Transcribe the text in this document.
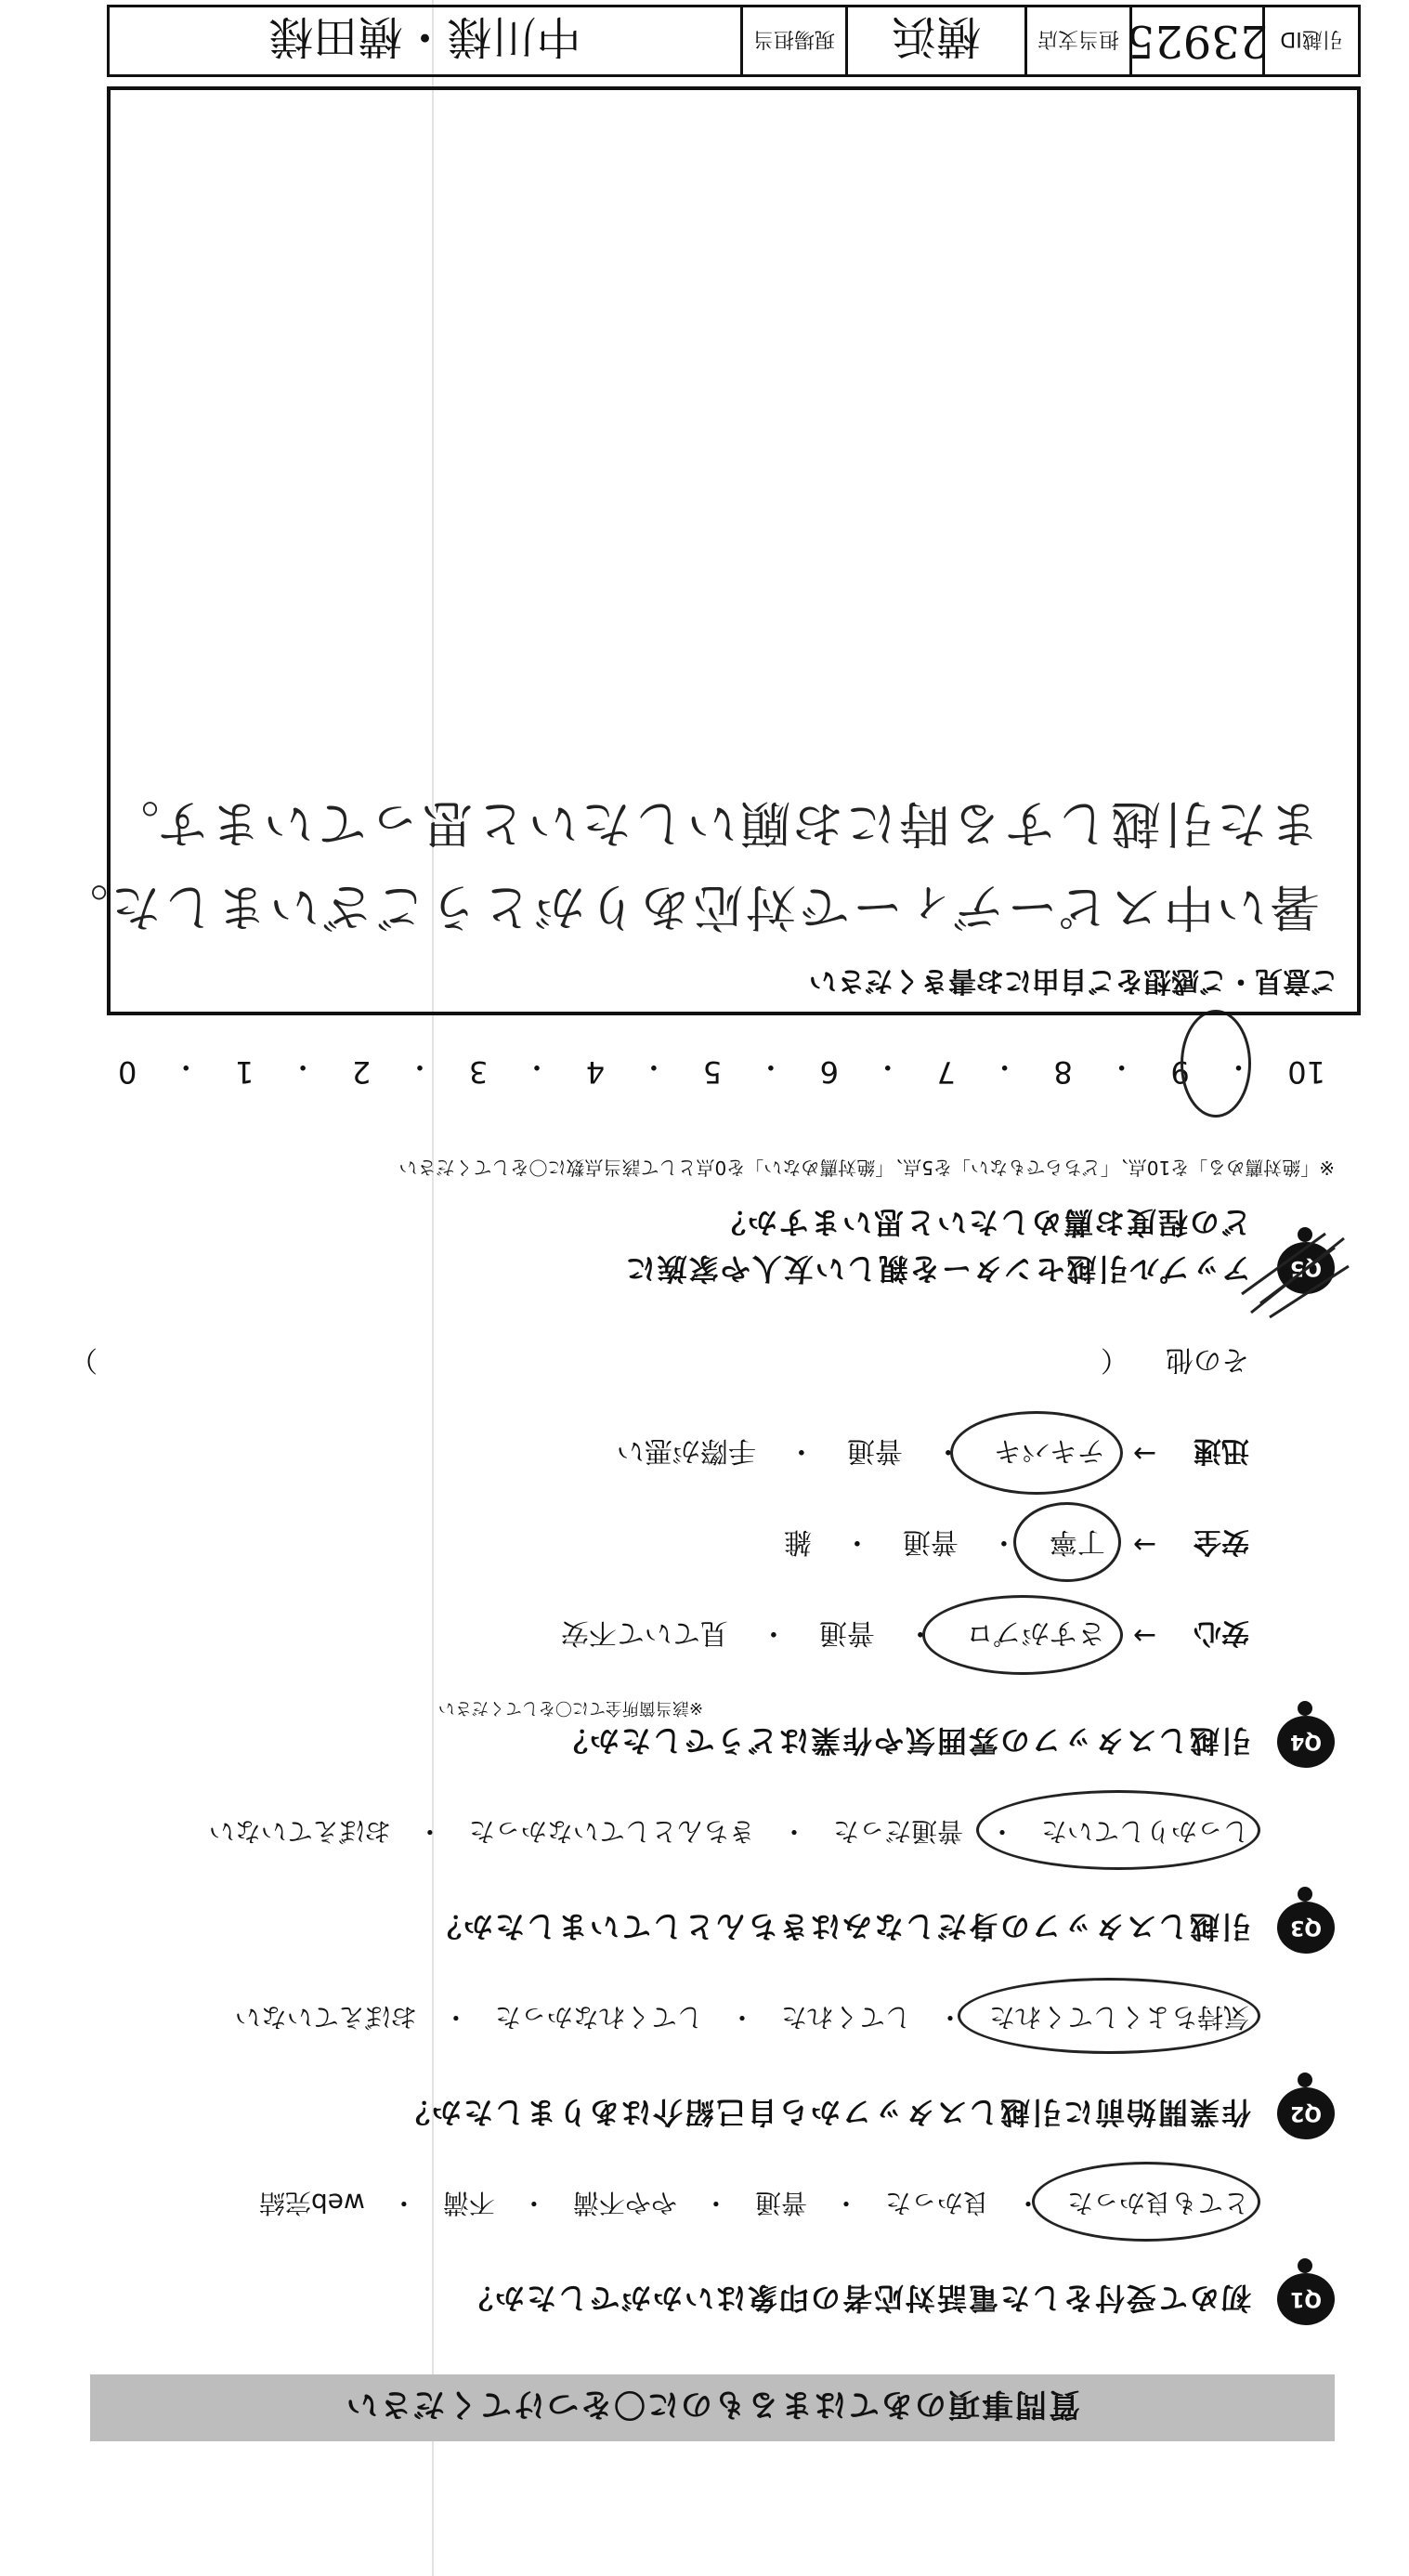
質問事項のあてはまるものに〇をつけてください
Q1
初めて受付をした電話対応者の印象はいかがでしたか？
とても良かった
・
良かった
・
普通
・
やや不満
・
不満
・
web完結
Q2
作業開始前に引越しスタッフから自己紹介はありましたか？
気持ちよくしてくれた
・
してくれた
・
してくれなかった
・
おぼえていない
Q3
引越しスタッフの身だしなみはきちんとしていましたか？
しっかりしていた
・
普通だった
・
きちんとしていなかった
・
おぼえていない
Q4
引越しスタッフの雰囲気や作業はどうでしたか？
※該当箇所全てに〇をしてください
安心
→
さすがプロ
・
普通
・
見ていて不安
安全
→
丁寧
・
普通
・
雑
迅速
→
テキパキ
・
普通
・
手際が悪い
その他
（
）
Q5
アップル引越センターを親しい友人や家族に
どの程度お薦めしたいと思いますか？
※「絶対薦める」を10点、「どちらでもない」を5点、「絶対薦めない」を0点として該当点数に〇をしてください
10
・
9
・
8
・
7
・
6
・
5
・
4
・
3
・
2
・
1
・
0
ご意見・ご感想をご自由にお書きください
暑い中スピーディーで対応ありがとうございました。
また引越しする時にお願いしたいと思っています。
引越ID
23925
担当支店
横浜
現場担当
中川様・横田様
